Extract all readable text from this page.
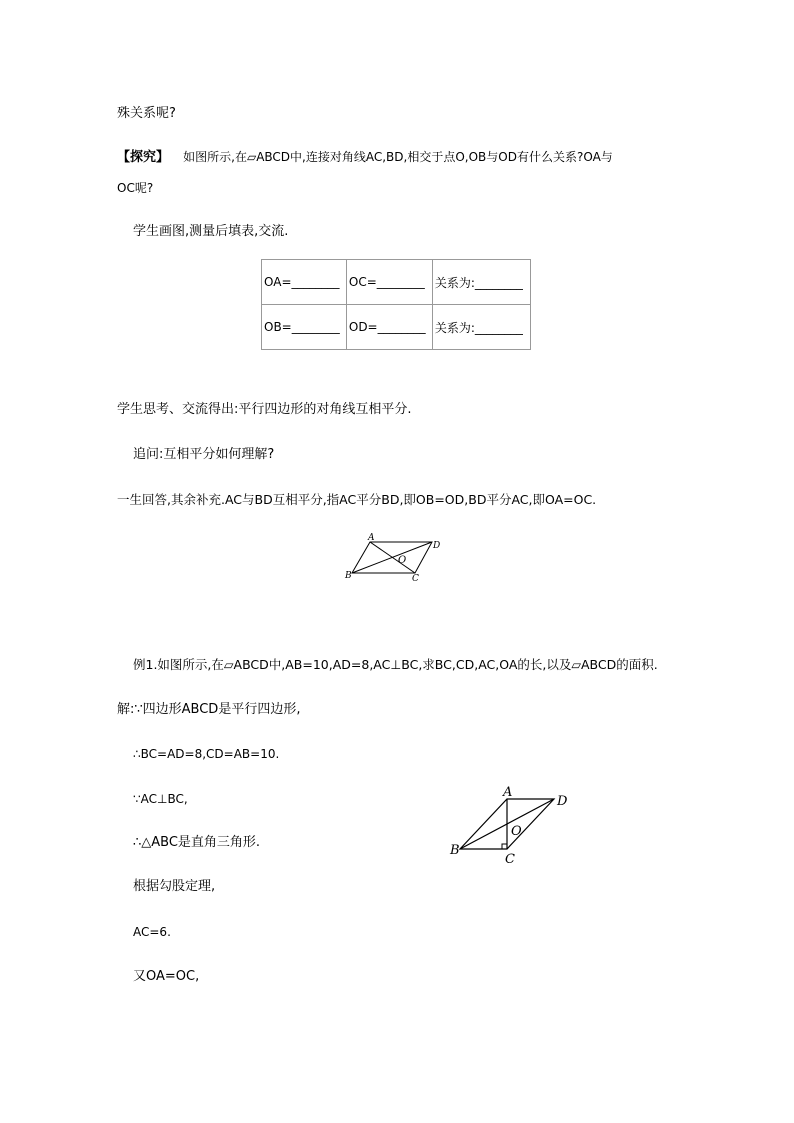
殊关系呢?
【探究】 如图所示,在▱ABCD中,连接对角线AC,BD,相交于点O,OB与OD有什么关系?OA与
OC呢?
学生画图,测量后填表,交流.
OA=________	OC=________	关系为:________
OB=________	OD=________	关系为:________
学生思考、交流得出:平行四边形的对角线互相平分.
追问:互相平分如何理解?
一生回答,其余补充.AC与BD互相平分,指AC平分BD,即OB=OD,BD平分AC,即OA=OC.
A
D
B	C
O
例1.如图所示,在▱ABCD中,AB=10,AD=8,AC⊥BC,求BC,CD,AC,OA的长,以及▱ABCD的面积.
解:∵四边形ABCD是平行四边形,
∴BC=AD=8,CD=AB=10.
∵AC⊥BC,
∴△ABC是直角三角形.
根据勾股定理,
AC=6.
又OA=OC,
A
D
B
C
O
